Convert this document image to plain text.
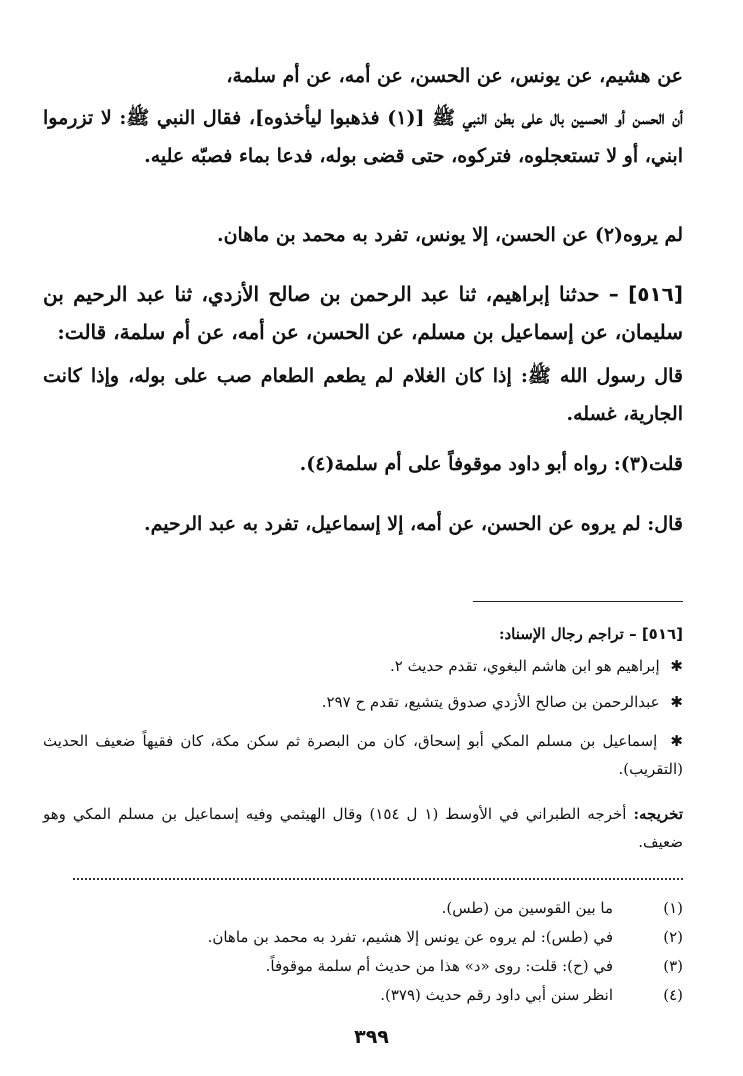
عن هشيم، عن يونس، عن الحسن، عن أمه، عن أم سلمة،

أن الحسن أو الحسين بال على بطن النبي ﷺ [(١) فذهبوا ليأخذوه]، فقال النبي ﷺ: لا تزرموا ابني، أو لا تستعجلوه، فتركوه، حتى قضى بوله، فدعا بماء فصبّه عليه.

لم يروه(٢) عن الحسن، إلا يونس، تفرد به محمد بن ماهان.

[٥١٦] – حدثنا إبراهيم، ثنا عبد الرحمن بن صالح الأزدي، ثنا عبد الرحيم بن سليمان، عن إسماعيل بن مسلم، عن الحسن، عن أمه، عن أم سلمة، قالت:

قال رسول الله ﷺ: إذا كان الغلام لم يطعم الطعام صب على بوله، وإذا كانت الجارية، غسله.

قلت(٣): رواه أبو داود موقوفاً على أم سلمة(٤).

قال: لم يروه عن الحسن، عن أمه، إلا إسماعيل، تفرد به عبد الرحيم.

[٥١٦] – تراجم رجال الإسناد:

✱ إبراهيم هو ابن هاشم البغوي، تقدم حديث ٢.

✱ عبدالرحمن بن صالح الأزدي صدوق يتشيع، تقدم ح ٢٩٧.

✱ إسماعيل بن مسلم المكي أبو إسحاق، كان من البصرة ثم سكن مكة، كان فقيهاً ضعيف الحديث (التقريب).

تخريجه: أخرجه الطبراني في الأوسط (١ ل ١٥٤) وقال الهيثمي وفيه إسماعيل بن مسلم المكي وهو ضعيف.

(١)
ما بين القوسين من (طس).
(٢)
في (طس): لم يروه عن يونس إلا هشيم، تفرد به محمد بن ماهان.
(٣)
في (ح): قلت: روى «د» هذا من حديث أم سلمة موقوفاً.
(٤)
انظر سنن أبي داود رقم حديث (٣٧٩).
٣٩٩
